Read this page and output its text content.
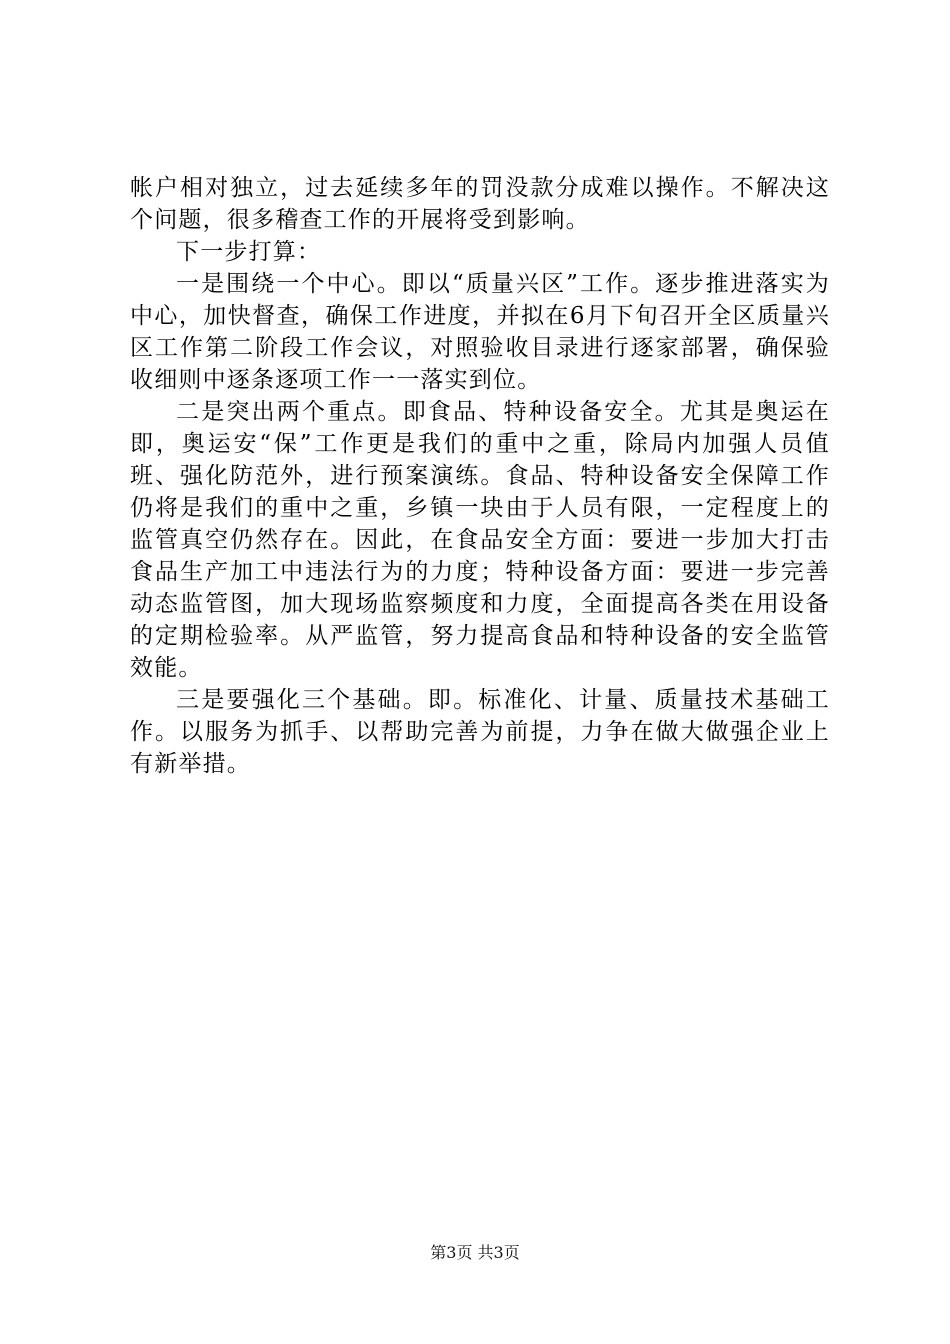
帐户相对独立，过去延续多年的罚没款分成难以操作。不解决这个问题，很多稽查工作的开展将受到影响。

下一步打算：

一是围绕一个中心。即以“质量兴区”工作。逐步推进落实为中心，加快督查，确保工作进度，并拟在6月下旬召开全区质量兴区工作第二阶段工作会议，对照验收目录进行逐家部署，确保验收细则中逐条逐项工作一一落实到位。

二是突出两个重点。即食品、特种设备安全。尤其是奥运在即，奥运安“保”工作更是我们的重中之重，除局内加强人员值班、强化防范外，进行预案演练。食品、特种设备安全保障工作仍将是我们的重中之重，乡镇一块由于人员有限，一定程度上的监管真空仍然存在。因此，在食品安全方面：要进一步加大打击食品生产加工中违法行为的力度；特种设备方面：要进一步完善动态监管图，加大现场监察频度和力度，全面提高各类在用设备的定期检验率。从严监管，努力提高食品和特种设备的安全监管效能。

三是要强化三个基础。即。标准化、计量、质量技术基础工作。以服务为抓手、以帮助完善为前提，力争在做大做强企业上有新举措。

第3页 共3页
